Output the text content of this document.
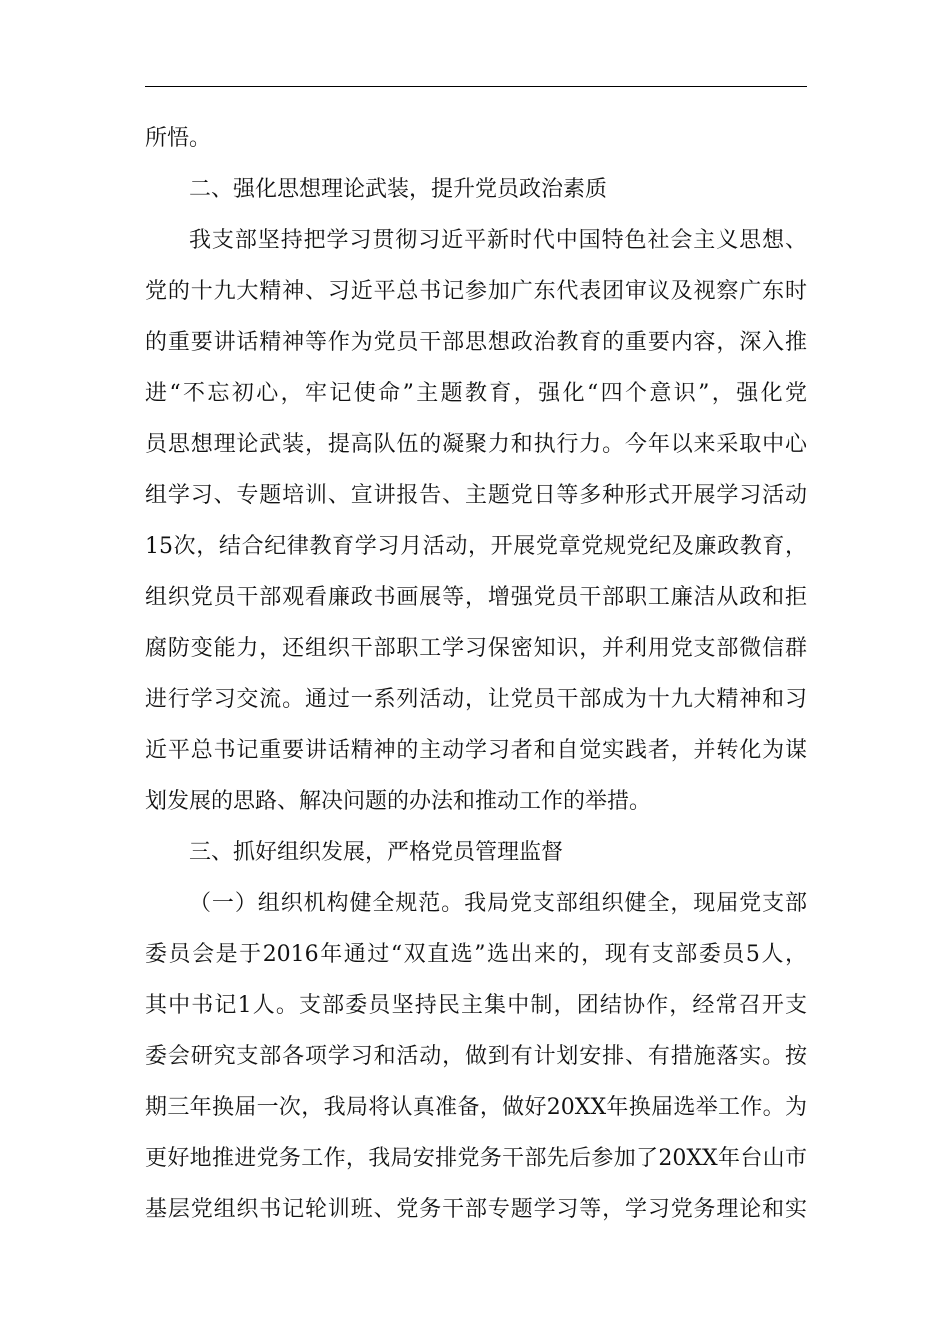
所悟。
二、强化思想理论武装，提升党员政治素质
我支部坚持把学习贯彻习近平新时代中国特色社会主义思想、
党的十九大精神、习近平总书记参加广东代表团审议及视察广东时
的重要讲话精神等作为党员干部思想政治教育的重要内容，深入推
进“不忘初心，牢记使命”主题教育，强化“四个意识”，强化党
员思想理论武装，提高队伍的凝聚力和执行力。今年以来采取中心
组学习、专题培训、宣讲报告、主题党日等多种形式开展学习活动
15次，结合纪律教育学习月活动，开展党章党规党纪及廉政教育，
组织党员干部观看廉政书画展等，增强党员干部职工廉洁从政和拒
腐防变能力，还组织干部职工学习保密知识，并利用党支部微信群
进行学习交流。通过一系列活动，让党员干部成为十九大精神和习
近平总书记重要讲话精神的主动学习者和自觉实践者，并转化为谋
划发展的思路、解决问题的办法和推动工作的举措。
三、抓好组织发展，严格党员管理监督
（一）组织机构健全规范。我局党支部组织健全，现届党支部
委员会是于2016年通过“双直选”选出来的，现有支部委员5人，
其中书记1人。支部委员坚持民主集中制，团结协作，经常召开支
委会研究支部各项学习和活动，做到有计划安排、有措施落实。按
期三年换届一次，我局将认真准备，做好20XX年换届选举工作。为
更好地推进党务工作，我局安排党务干部先后参加了20XX年台山市
基层党组织书记轮训班、党务干部专题学习等，学习党务理论和实
